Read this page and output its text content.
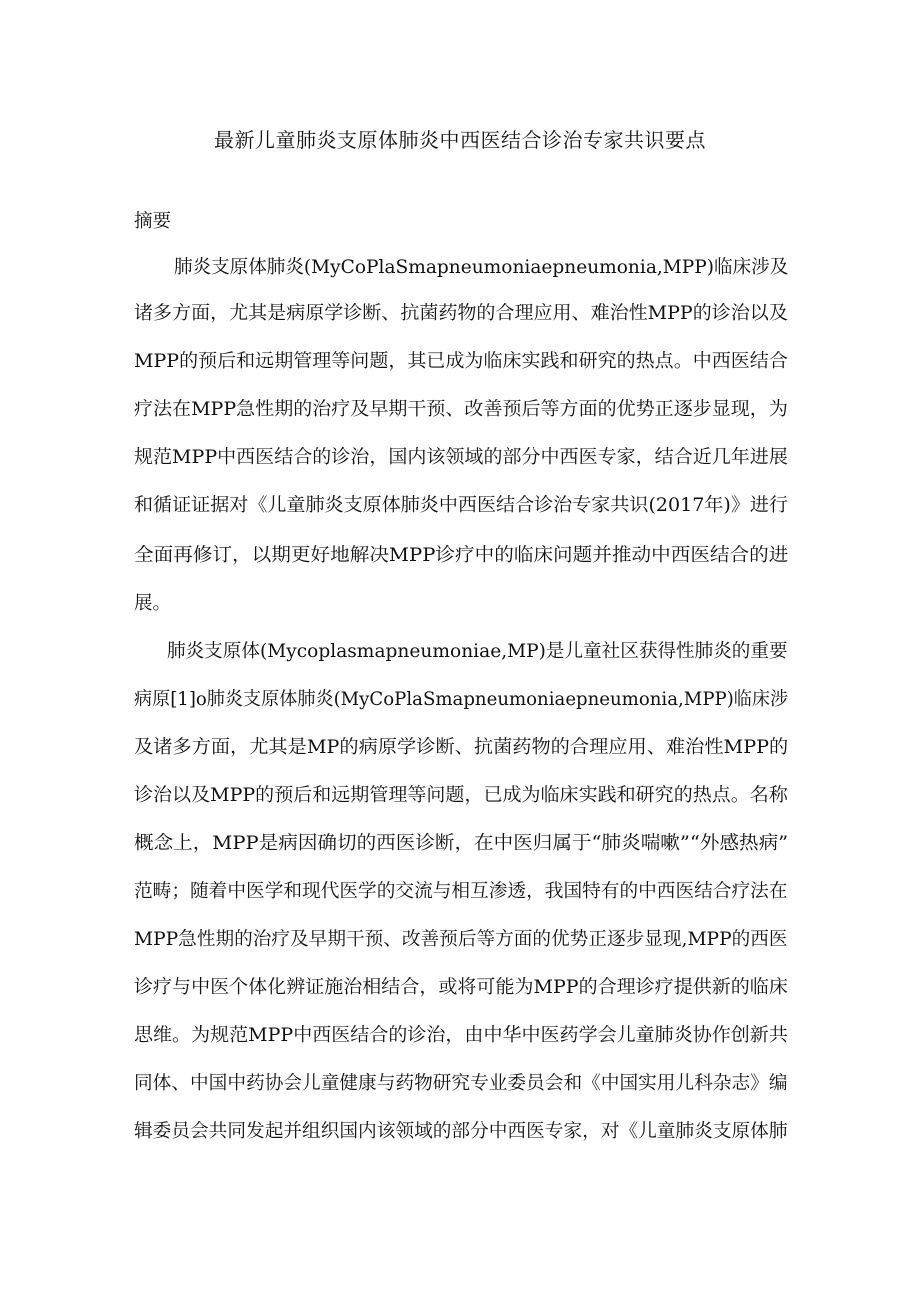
最新儿童肺炎支原体肺炎中西医结合诊治专家共识要点
摘要
肺炎支原体肺炎(MyCoPlaSmapneumoniaepneumonia,MPP)临床涉及
诸多方面，尤其是病原学诊断、抗菌药物的合理应用、难治性MPP的诊治以及
MPP的预后和远期管理等问题，其已成为临床实践和研究的热点。中西医结合
疗法在MPP急性期的治疗及早期干预、改善预后等方面的优势正逐步显现，为
规范MPP中西医结合的诊治，国内该领域的部分中西医专家，结合近几年进展
和循证证据对《儿童肺炎支原体肺炎中西医结合诊治专家共识(2017年)》进行
全面再修订，以期更好地解决MPP诊疗中的临床问题并推动中西医结合的进
展。
肺炎支原体(Mycoplasmapneumoniae,MP)是儿童社区获得性肺炎的重要
病原[1]o肺炎支原体肺炎(MyCoPlaSmapneumoniaepneumonia,MPP)临床涉
及诸多方面，尤其是MP的病原学诊断、抗菌药物的合理应用、难治性MPP的
诊治以及MPP的预后和远期管理等问题，已成为临床实践和研究的热点。名称
概念上，MPP是病因确切的西医诊断，在中医归属于“肺炎喘嗽”“外感热病”
范畴；随着中医学和现代医学的交流与相互渗透，我国特有的中西医结合疗法在
MPP急性期的治疗及早期干预、改善预后等方面的优势正逐步显现,MPP的西医
诊疗与中医个体化辨证施治相结合，或将可能为MPP的合理诊疗提供新的临床
思维。为规范MPP中西医结合的诊治，由中华中医药学会儿童肺炎协作创新共
同体、中国中药协会儿童健康与药物研究专业委员会和《中国实用儿科杂志》编
辑委员会共同发起并组织国内该领域的部分中西医专家，对《儿童肺炎支原体肺
